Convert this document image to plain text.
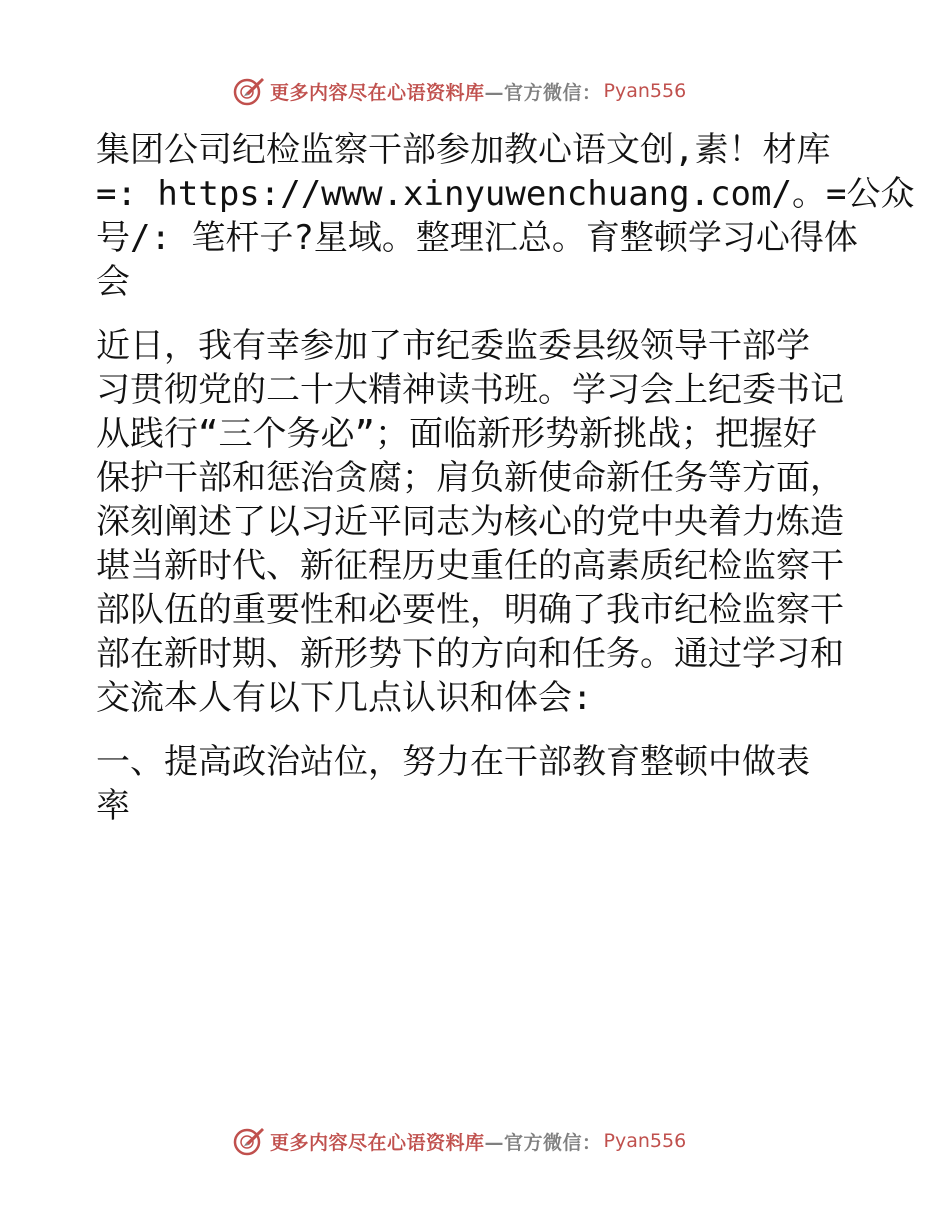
更多内容尽在心语资料库 —官方微信： Pyan556
集团公司纪检监察干部参加教心语文创,素！材库
=: https://www.xinyuwenchuang.com/。=公众
号/: 笔杆子?星域。整理汇总。育整顿学习心得体
会
近日，我有幸参加了市纪委监委县级领导干部学
习贯彻党的二十大精神读书班。学习会上纪委书记
从践行“三个务必”；面临新形势新挑战；把握好
保护干部和惩治贪腐；肩负新使命新任务等方面，
深刻阐述了以习近平同志为核心的党中央着力炼造
堪当新时代、新征程历史重任的高素质纪检监察干
部队伍的重要性和必要性，明确了我市纪检监察干
部在新时期、新形势下的方向和任务。通过学习和
交流本人有以下几点认识和体会:
一、提高政治站位，努力在干部教育整顿中做表
率
更多内容尽在心语资料库 —官方微信： Pyan556
